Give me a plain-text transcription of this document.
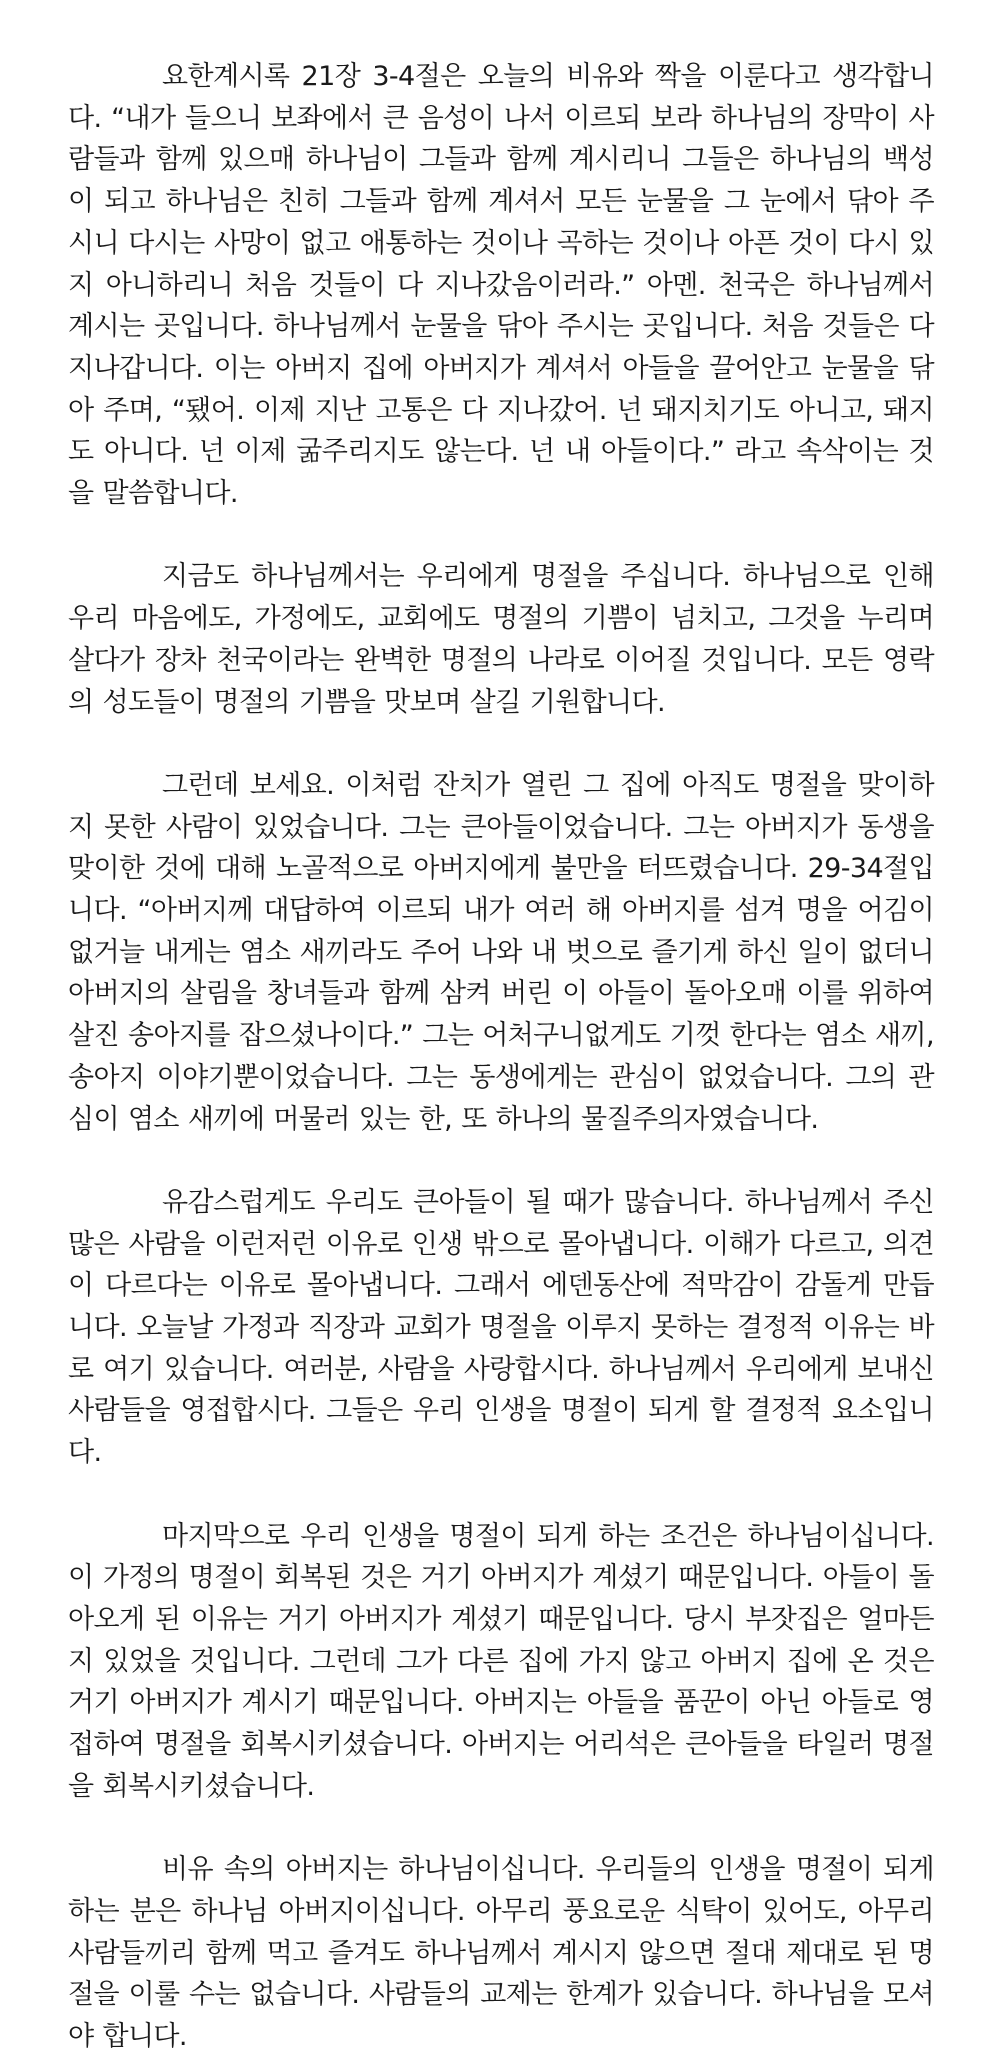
요한계시록 21장 3-4절은 오늘의 비유와 짝을 이룬다고 생각합니다. “내가 들으니 보좌에서 큰 음성이 나서 이르되 보라 하나님의 장막이 사람들과 함께 있으매 하나님이 그들과 함께 계시리니 그들은 하나님의 백성이 되고 하나님은 친히 그들과 함께 계셔서 모든 눈물을 그 눈에서 닦아 주시니 다시는 사망이 없고 애통하는 것이나 곡하는 것이나 아픈 것이 다시 있지 아니하리니 처음 것들이 다 지나갔음이러라.” 아멘. 천국은 하나님께서 계시는 곳입니다. 하나님께서 눈물을 닦아 주시는 곳입니다. 처음 것들은 다 지나갑니다. 이는 아버지 집에 아버지가 계셔서 아들을 끌어안고 눈물을 닦아 주며, “됐어. 이제 지난 고통은 다 지나갔어. 넌 돼지치기도 아니고, 돼지도 아니다. 넌 이제 굶주리지도 않는다. 넌 내 아들이다.” 라고 속삭이는 것을 말씀합니다.

지금도 하나님께서는 우리에게 명절을 주십니다. 하나님으로 인해 우리 마음에도, 가정에도, 교회에도 명절의 기쁨이 넘치고, 그것을 누리며 살다가 장차 천국이라는 완벽한 명절의 나라로 이어질 것입니다. 모든 영락의 성도들이 명절의 기쁨을 맛보며 살길 기원합니다.

그런데 보세요. 이처럼 잔치가 열린 그 집에 아직도 명절을 맞이하지 못한 사람이 있었습니다. 그는 큰아들이었습니다. 그는 아버지가 동생을 맞이한 것에 대해 노골적으로 아버지에게 불만을 터뜨렸습니다. 29-34절입니다. “아버지께 대답하여 이르되 내가 여러 해 아버지를 섬겨 명을 어김이 없거늘 내게는 염소 새끼라도 주어 나와 내 벗으로 즐기게 하신 일이 없더니 아버지의 살림을 창녀들과 함께 삼켜 버린 이 아들이 돌아오매 이를 위하여 살진 송아지를 잡으셨나이다.” 그는 어처구니없게도 기껏 한다는 염소 새끼, 송아지 이야기뿐이었습니다. 그는 동생에게는 관심이 없었습니다. 그의 관심이 염소 새끼에 머물러 있는 한, 또 하나의 물질주의자였습니다.

유감스럽게도 우리도 큰아들이 될 때가 많습니다. 하나님께서 주신 많은 사람을 이런저런 이유로 인생 밖으로 몰아냅니다. 이해가 다르고, 의견이 다르다는 이유로 몰아냅니다. 그래서 에덴동산에 적막감이 감돌게 만듭니다. 오늘날 가정과 직장과 교회가 명절을 이루지 못하는 결정적 이유는 바로 여기 있습니다. 여러분, 사람을 사랑합시다. 하나님께서 우리에게 보내신 사람들을 영접합시다. 그들은 우리 인생을 명절이 되게 할 결정적 요소입니다.

마지막으로 우리 인생을 명절이 되게 하는 조건은 하나님이십니다. 이 가정의 명절이 회복된 것은 거기 아버지가 계셨기 때문입니다. 아들이 돌아오게 된 이유는 거기 아버지가 계셨기 때문입니다. 당시 부잣집은 얼마든지 있었을 것입니다. 그런데 그가 다른 집에 가지 않고 아버지 집에 온 것은 거기 아버지가 계시기 때문입니다. 아버지는 아들을 품꾼이 아닌 아들로 영접하여 명절을 회복시키셨습니다. 아버지는 어리석은 큰아들을 타일러 명절을 회복시키셨습니다.

비유 속의 아버지는 하나님이십니다. 우리들의 인생을 명절이 되게 하는 분은 하나님 아버지이십니다. 아무리 풍요로운 식탁이 있어도, 아무리 사람들끼리 함께 먹고 즐겨도 하나님께서 계시지 않으면 절대 제대로 된 명절을 이룰 수는 없습니다. 사람들의 교제는 한계가 있습니다. 하나님을 모셔야 합니다.
